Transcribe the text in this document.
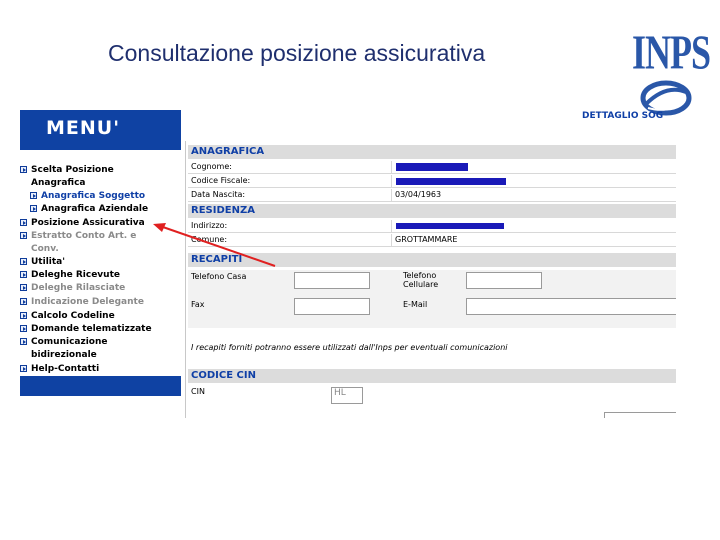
Consultazione posizione assicurativa	INPS
MENU'
Scelta Posizione
Anagrafica
Anagrafica Soggetto
Anagrafica Aziendale
Posizione Assicurativa
Estratto Conto Art. e
Conv.
Utilita'
Deleghe Ricevute
Deleghe Rilasciate
Indicazione Delegante
Calcolo Codeline
Domande telematizzate
Comunicazione
bidirezionale
Help-Contatti
DETTAGLIO SOG
ANAGRAFICA
Cognome:
Codice Fiscale:
Data Nascita:	03/04/1963
RESIDENZA
Indirizzo:
Comune:	GROTTAMMARE
RECAPITI
Telefono Casa	Telefono
Cellulare
Fax	E-Mail
I recapiti forniti potranno essere utilizzati dall'Inps per eventuali comunicazioni
CODICE CIN
CIN	HL
